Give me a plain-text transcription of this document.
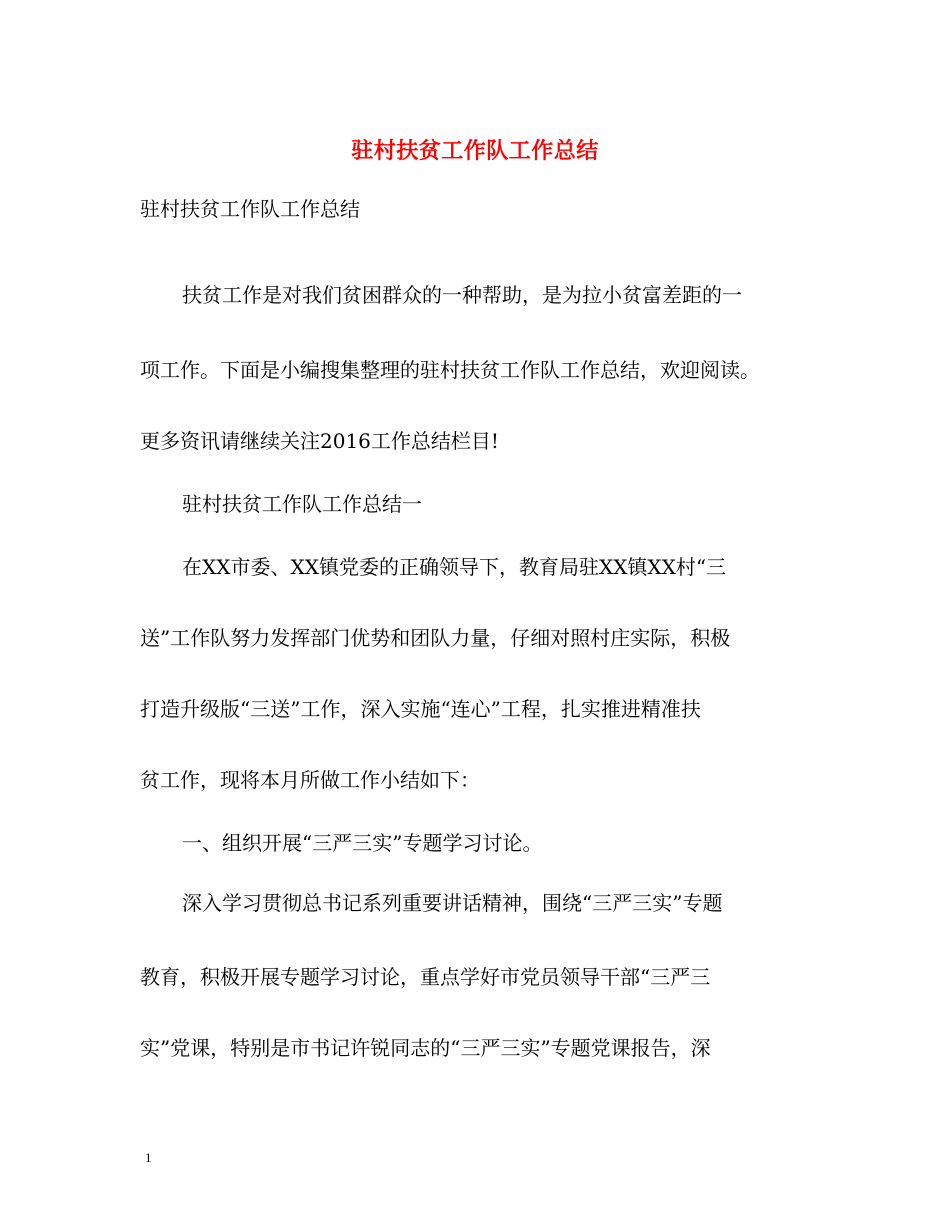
驻村扶贫工作队工作总结
驻村扶贫工作队工作总结
扶贫工作是对我们贫困群众的一种帮助，是为拉小贫富差距的一
项工作。下面是小编搜集整理的驻村扶贫工作队工作总结，欢迎阅读。
更多资讯请继续关注2016工作总结栏目!
驻村扶贫工作队工作总结一
在XX市委、XX镇党委的正确领导下，教育局驻XX镇XX村“三
送”工作队努力发挥部门优势和团队力量，仔细对照村庄实际，积极
打造升级版“三送”工作，深入实施“连心”工程，扎实推进精准扶
贫工作，现将本月所做工作小结如下：
一、组织开展“三严三实”专题学习讨论。
深入学习贯彻总书记系列重要讲话精神，围绕“三严三实”专题
教育，积极开展专题学习讨论，重点学好市党员领导干部“三严三
实”党课，特别是市书记许锐同志的“三严三实”专题党课报告，深
1
